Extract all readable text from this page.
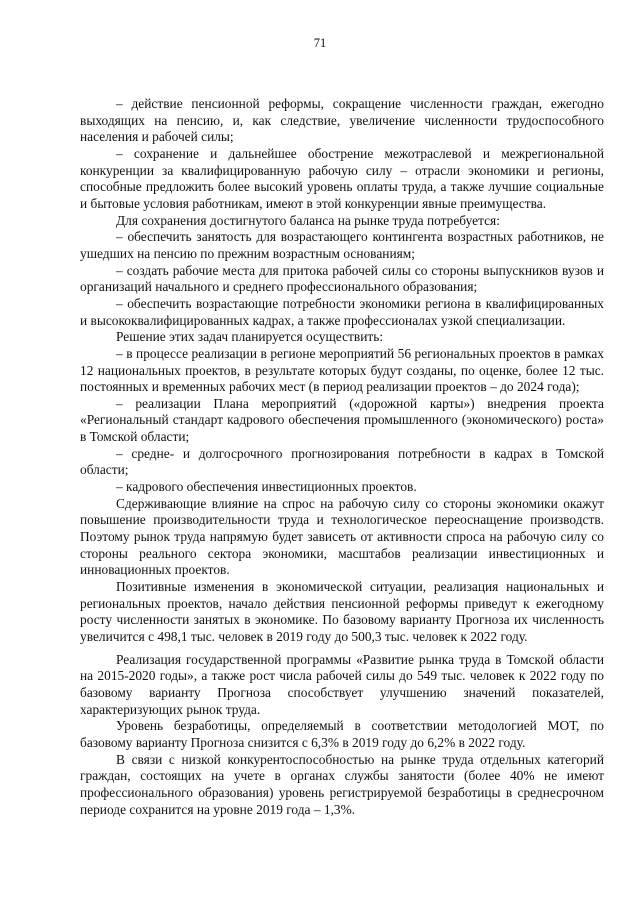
71

– действие пенсионной реформы, сокращение численности граждан, ежегодно выходящих на пенсию, и, как следствие, увеличение численности трудоспособного населения и рабочей силы;

– сохранение и дальнейшее обострение межотраслевой и межрегиональной конкуренции за квалифицированную рабочую силу – отрасли экономики и регионы, способные предложить более высокий уровень оплаты труда, а также лучшие социальные и бытовые условия работникам, имеют в этой конкуренции явные преимущества.

Для сохранения достигнутого баланса на рынке труда потребуется:

– обеспечить занятость для возрастающего контингента возрастных работников, не ушедших на пенсию по прежним возрастным основаниям;

– создать рабочие места для притока рабочей силы со стороны выпускников вузов и организаций начального и среднего профессионального образования;

– обеспечить возрастающие потребности экономики региона в квалифицированных и высококвалифицированных кадрах, а также профессионалах узкой специализации.

Решение этих задач планируется осуществить:

– в процессе реализации в регионе мероприятий 56 региональных проектов в рамках 12 национальных проектов, в результате которых будут созданы, по оценке, более 12 тыс. постоянных и временных рабочих мест (в период реализации проектов – до 2024 года);

– реализации Плана мероприятий («дорожной карты») внедрения проекта «Региональный стандарт кадрового обеспечения промышленного (экономического) роста» в Томской области;

– средне- и долгосрочного прогнозирования потребности в кадрах в Томской области;

– кадрового обеспечения инвестиционных проектов.

Сдерживающие влияние на спрос на рабочую силу со стороны экономики окажут повышение производительности труда и технологическое переоснащение производств. Поэтому рынок труда напрямую будет зависеть от активности спроса на рабочую силу со стороны реального сектора экономики, масштабов реализации инвестиционных и инновационных проектов.

Позитивные изменения в экономической ситуации, реализация национальных и региональных проектов, начало действия пенсионной реформы приведут к ежегодному росту численности занятых в экономике. По базовому варианту Прогноза их численность увеличится с 498,1 тыс. человек в 2019 году до 500,3 тыс. человек к 2022 году.

Реализация государственной программы «Развитие рынка труда в Томской области на 2015-2020 годы», а также рост числа рабочей силы до 549 тыс. человек к 2022 году по базовому варианту Прогноза способствует улучшению значений показателей, характеризующих рынок труда.

Уровень безработицы, определяемый в соответствии методологией МОТ, по базовому варианту Прогноза снизится с 6,3% в 2019 году до 6,2% в 2022 году.

В связи с низкой конкурентоспособностью на рынке труда отдельных категорий граждан, состоящих на учете в органах службы занятости (более 40% не имеют профессионального образования) уровень регистрируемой безработицы в среднесрочном периоде сохранится на уровне 2019 года – 1,3%.
